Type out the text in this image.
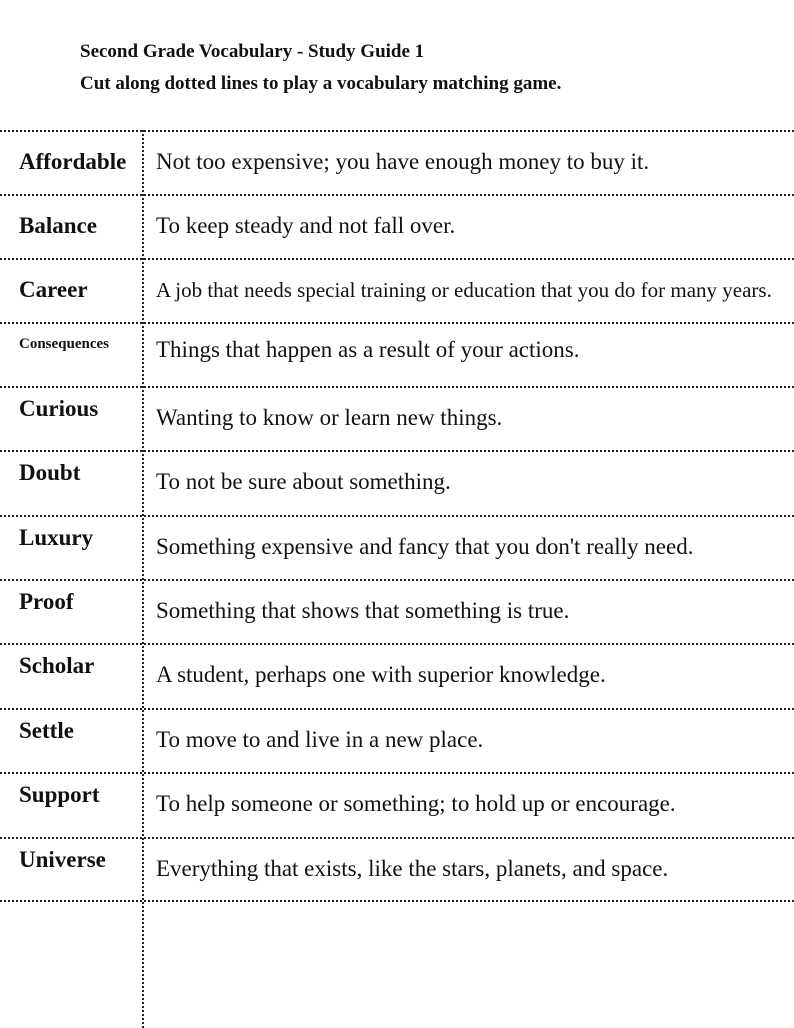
Second Grade Vocabulary - Study Guide 1
Cut along dotted lines to play a vocabulary matching game.
Affordable	Not too expensive; you have enough money to buy it.
Balance	To keep steady and not fall over.
Career	A job that needs special training or education that you do for many years.
Consequences	Things that happen as a result of your actions.
Curious	Wanting to know or learn new things.
Doubt	To not be sure about something.
Luxury	Something expensive and fancy that you don't really need.
Proof	Something that shows that something is true.
Scholar	A student, perhaps one with superior knowledge.
Settle	To move to and live in a new place.
Support	To help someone or something; to hold up or encourage.
Universe	Everything that exists, like the stars, planets, and space.
